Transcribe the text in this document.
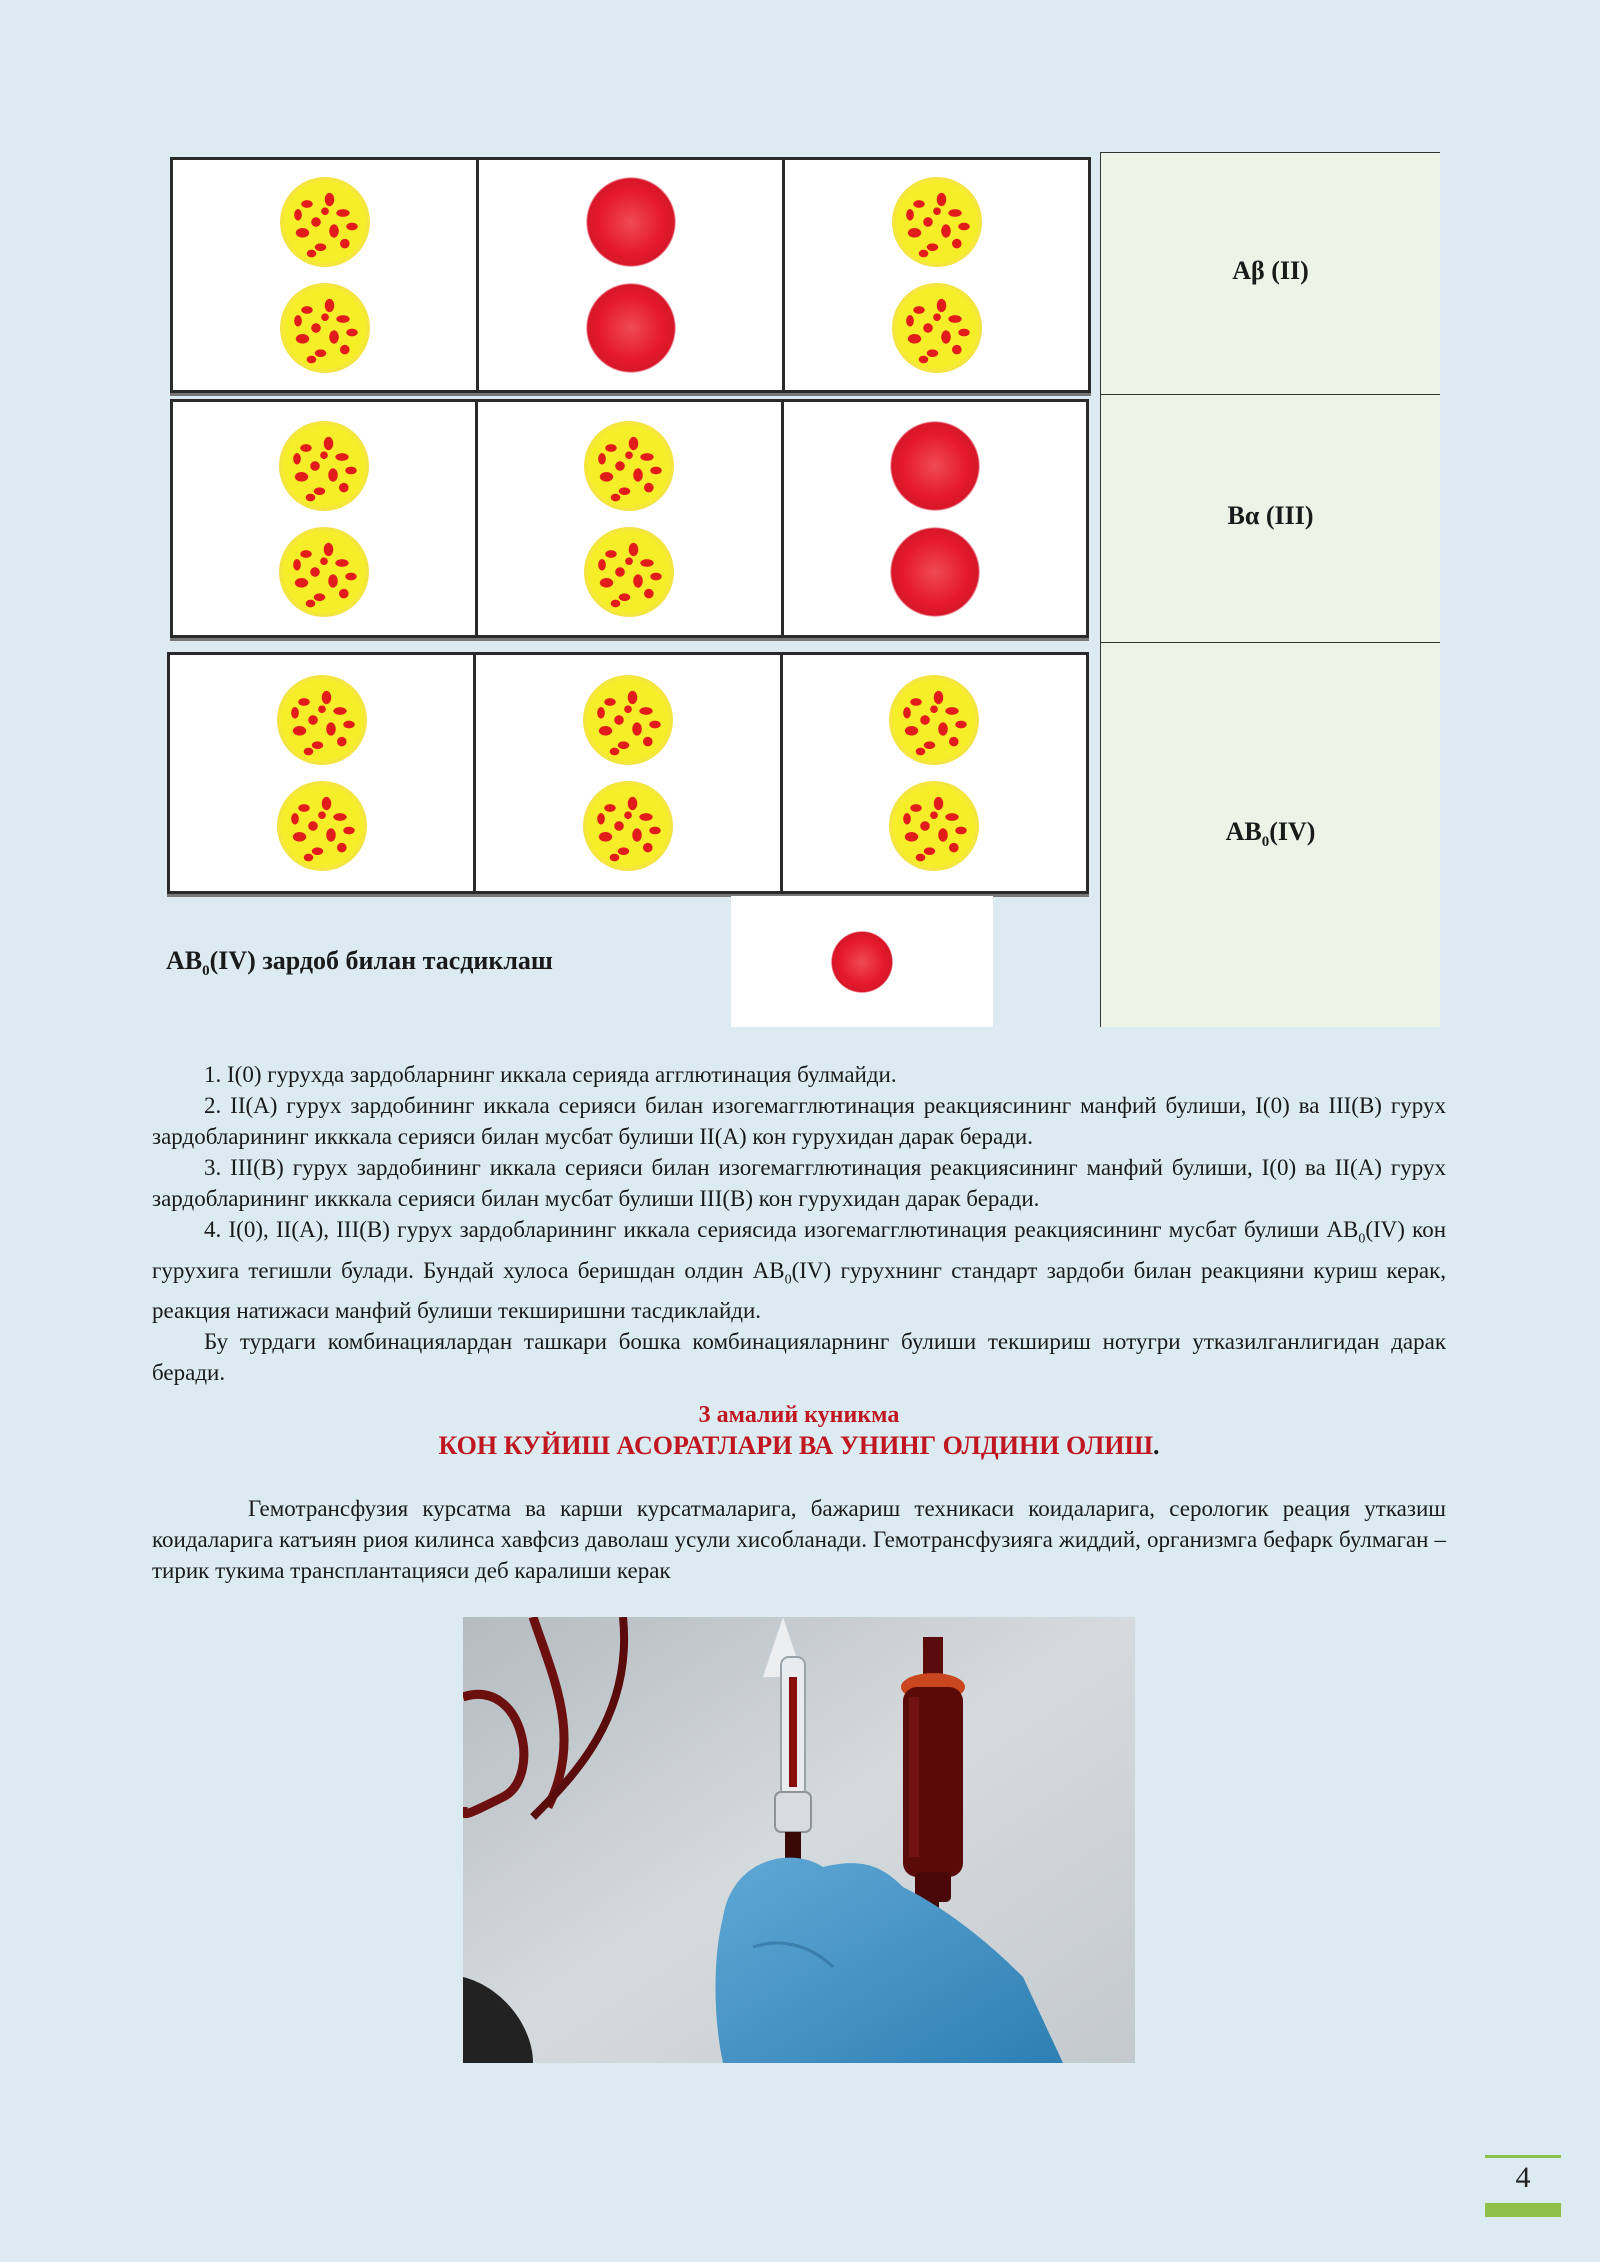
Aβ (II)
Bα (III)
$AB_0(IV)$
$AB_0(IV)$ зардоб билан тасдиклаш

1. I(0) гурухда зардобларнинг иккала серияда агглютинация булмайди.

2. II(A) гурух зардобининг иккала серияси билан изогемагглютинация реакциясининг манфий булиши, I(0) ва III(B) гурух зардобларининг икккала серияси билан мусбат булиши II(A) кон гурухидан дарак беради.

3. III(B) гурух зардобининг иккала серияси билан изогемагглютинация реакциясининг манфий булиши, I(0) ва II(A) гурух зардобларининг икккала серияси билан мусбат булиши III(B) кон гурухидан дарак беради.

4. I(0), II(A), III(B) гурух зардобларининг иккала сериясида изогемагглютинация реакциясининг мусбат булиши $AB_0(IV)$ кон гурухига тегишли булади. Бундай хулоса беришдан олдин $AB_0(IV)$ гурухнинг стандарт зардоби билан реакцияни куриш керак, реакция натижаси манфий булиши текширишни тасдиклайди.

Бу турдаги комбинациялардан ташкари бошка комбинацияларнинг булиши текшириш нотугри утказилганлигидан дарак беради.

3 амалий куникма
КОН КУЙИШ АСОРАТЛАРИ ВА УНИНГ ОЛДИНИ ОЛИШ.

Гемотрансфузия курсатма ва карши курсатмаларига, бажариш техникаси коидаларига, серологик реация утказиш коидаларига катъиян риоя килинса хавфсиз даволаш усули хисобланади. Гемотрансфузияга жиддий, организмга бефарк булмаган – тирик тукима трансплантацияси деб каралиши керак

4
